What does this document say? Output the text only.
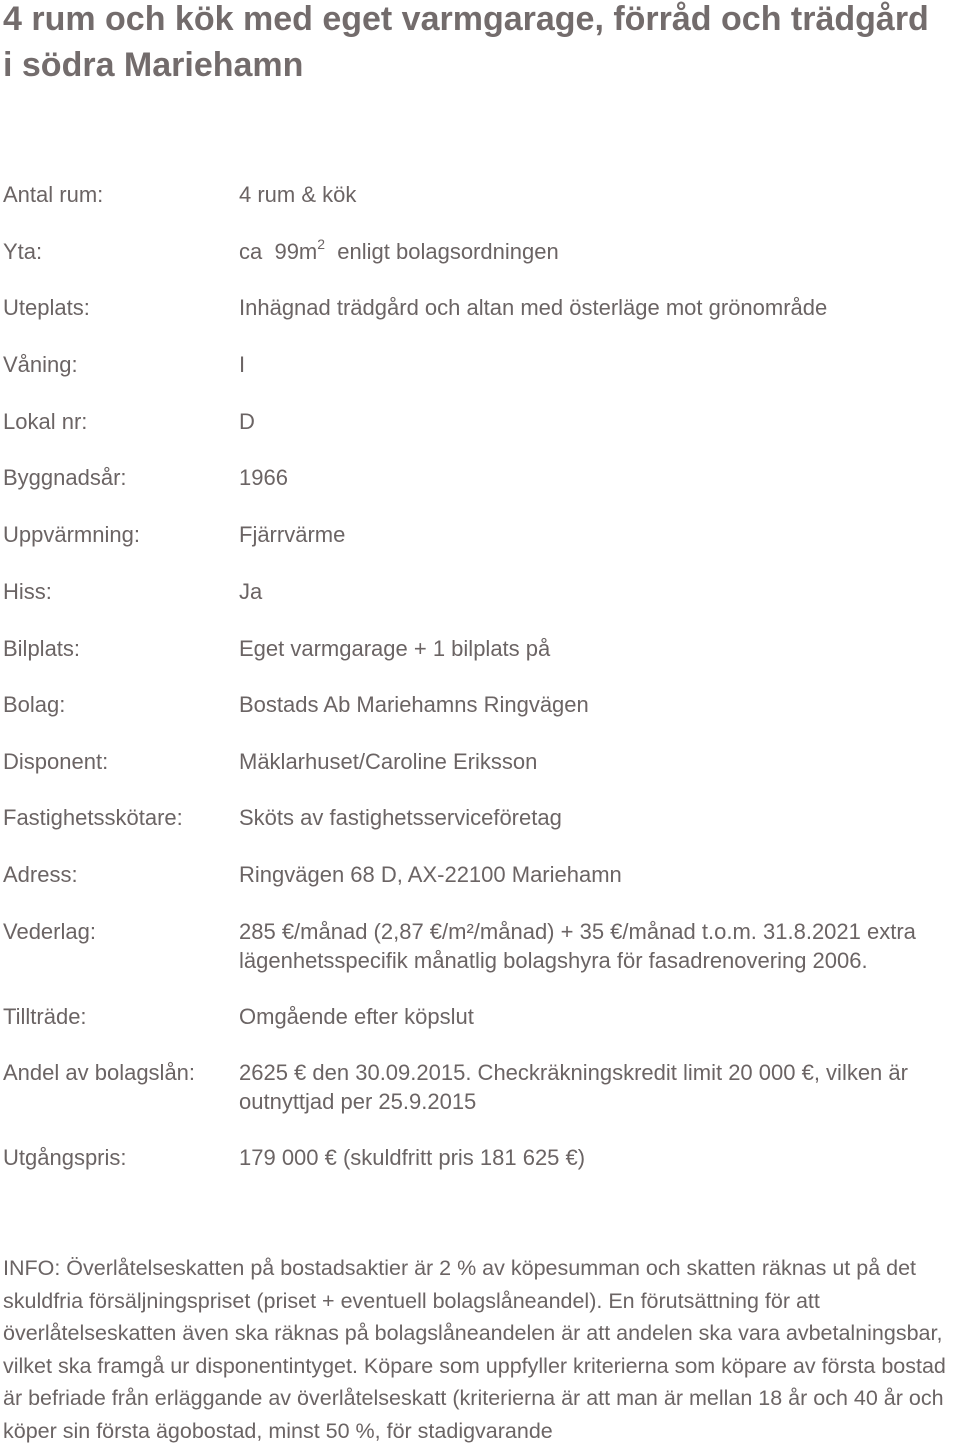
4 rum och kök med eget varmgarage, förråd och trädgård i södra Mariehamn
Antal rum:	4 rum & kök
Yta:	ca  $99m^2$  enligt bolagsordningen
Uteplats:	Inhägnad trädgård och altan med österläge mot grönområde
Våning:	I
Lokal nr:	D
Byggnadsår:	1966
Uppvärmning:	Fjärrvärme
Hiss:	Ja
Bilplats:	Eget varmgarage + 1 bilplats på
Bolag:	Bostads Ab Mariehamns Ringvägen
Disponent:	Mäklarhuset/Caroline Eriksson
Fastighetsskötare:	Sköts av fastighetsserviceföretag
Adress:	Ringvägen 68 D, AX-22100 Mariehamn
Vederlag:	285 €/månad (2,87 €/m²/månad) + 35 €/månad t.o.m. 31.8.2021 extra lägenhetsspecifik månatlig bolagshyra för fasadrenovering 2006.
Tillträde:	Omgående efter köpslut
Andel av bolagslån: 2625 € den 30.09.2015. Checkräkningskredit limit 20 000 €, vilken är outnyttjad per 25.9.2015
Utgångspris:	179 000 € (skuldfritt pris 181 625 €)

INFO: Överlåtelseskatten på bostadsaktier är 2 % av köpesumman och skatten räknas ut på det skuldfria försäljningspriset (priset + eventuell bolagslåneandel). En förutsättning för att överlåtelseskatten även ska räknas på bolagslåneandelen är att andelen ska vara avbetalningsbar, vilket ska framgå ur disponentintyget. Köpare som uppfyller kriterierna som köpare av första bostad är befriade från erläggande av överlåtelseskatt (kriterierna är att man är mellan 18 år och 40 år och köper sin första ägobostad, minst 50 %, för stadigvarande
